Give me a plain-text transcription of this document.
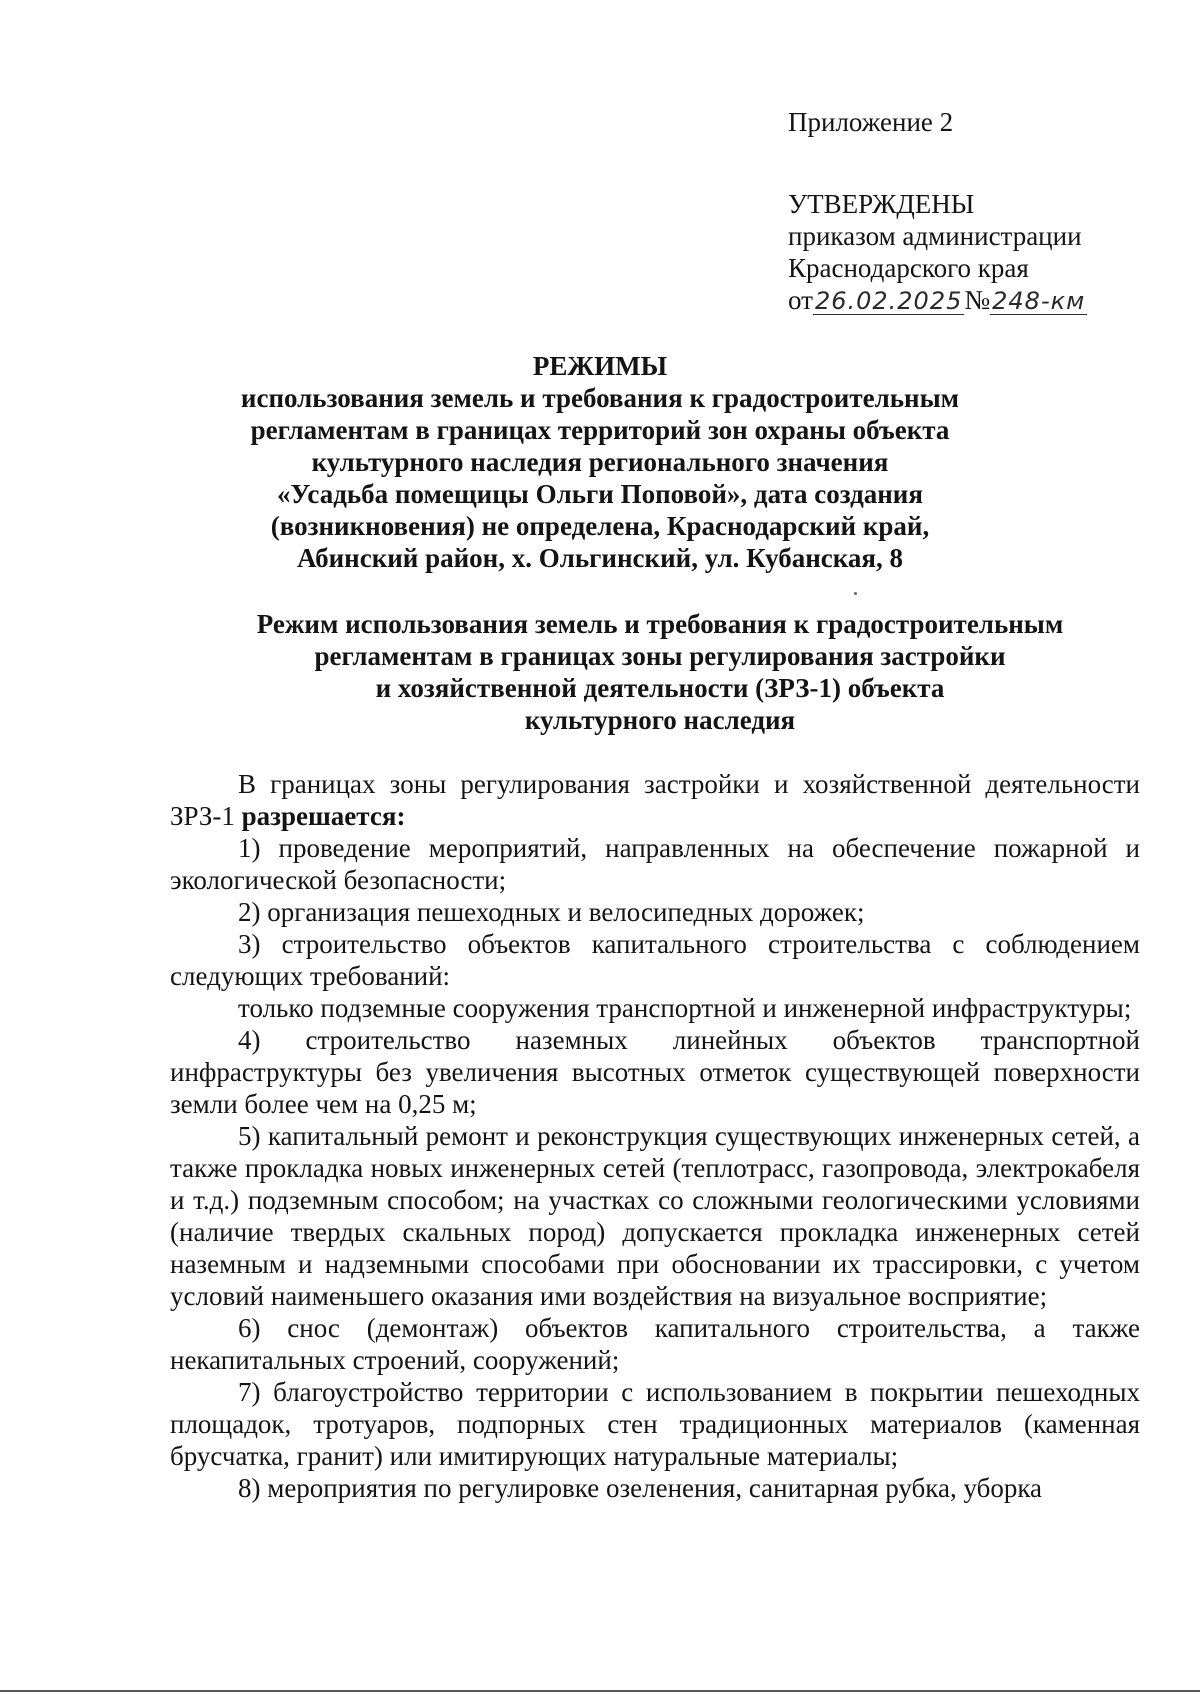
Приложение 2
УТВЕРЖДЕНЫ
приказом администрации
Краснодарского края
от26.02.2025№248-км
РЕЖИМЫ
использования земель и требования к градостроительным
регламентам в границах территорий зон охраны объекта
культурного наследия регионального значения
«Усадьба помещицы Ольги Поповой», дата создания
(возникновения) не определена, Краснодарский край,
Абинский район, х. Ольгинский, ул. Кубанская, 8
Режим использования земель и требования к градостроительным
регламентам в границах зоны регулирования застройки
и хозяйственной деятельности (ЗРЗ-1) объекта
культурного наследия

В границах зоны регулирования застройки и хозяйственной деятельности ЗРЗ-1 разрешается:

1) проведение мероприятий, направленных на обеспечение пожарной и экологической безопасности;

2) организация пешеходных и велосипедных дорожек;

3) строительство объектов капитального строительства с соблюдением следующих требований:

только подземные сооружения транспортной и инженерной инфраструктуры;

4) строительство наземных линейных объектов транспортной инфраструктуры без увеличения высотных отметок существующей поверхности земли более чем на 0,25 м;

5) капитальный ремонт и реконструкция существующих инженерных сетей, а также прокладка новых инженерных сетей (теплотрасс, газопровода, электрокабеля и т.д.) подземным способом; на участках со сложными геологическими условиями (наличие твердых скальных пород) допускается прокладка инженерных сетей наземным и надземными способами при обосновании их трассировки, с учетом условий наименьшего оказания ими воздействия на визуальное восприятие;

6) снос (демонтаж) объектов капитального строительства, а также некапитальных строений, сооружений;

7) благоустройство территории с использованием в покрытии пешеходных площадок, тротуаров, подпорных стен традиционных материалов (каменная брусчатка, гранит) или имитирующих натуральные материалы;

8) мероприятия по регулировке озеленения, санитарная рубка, уборка
